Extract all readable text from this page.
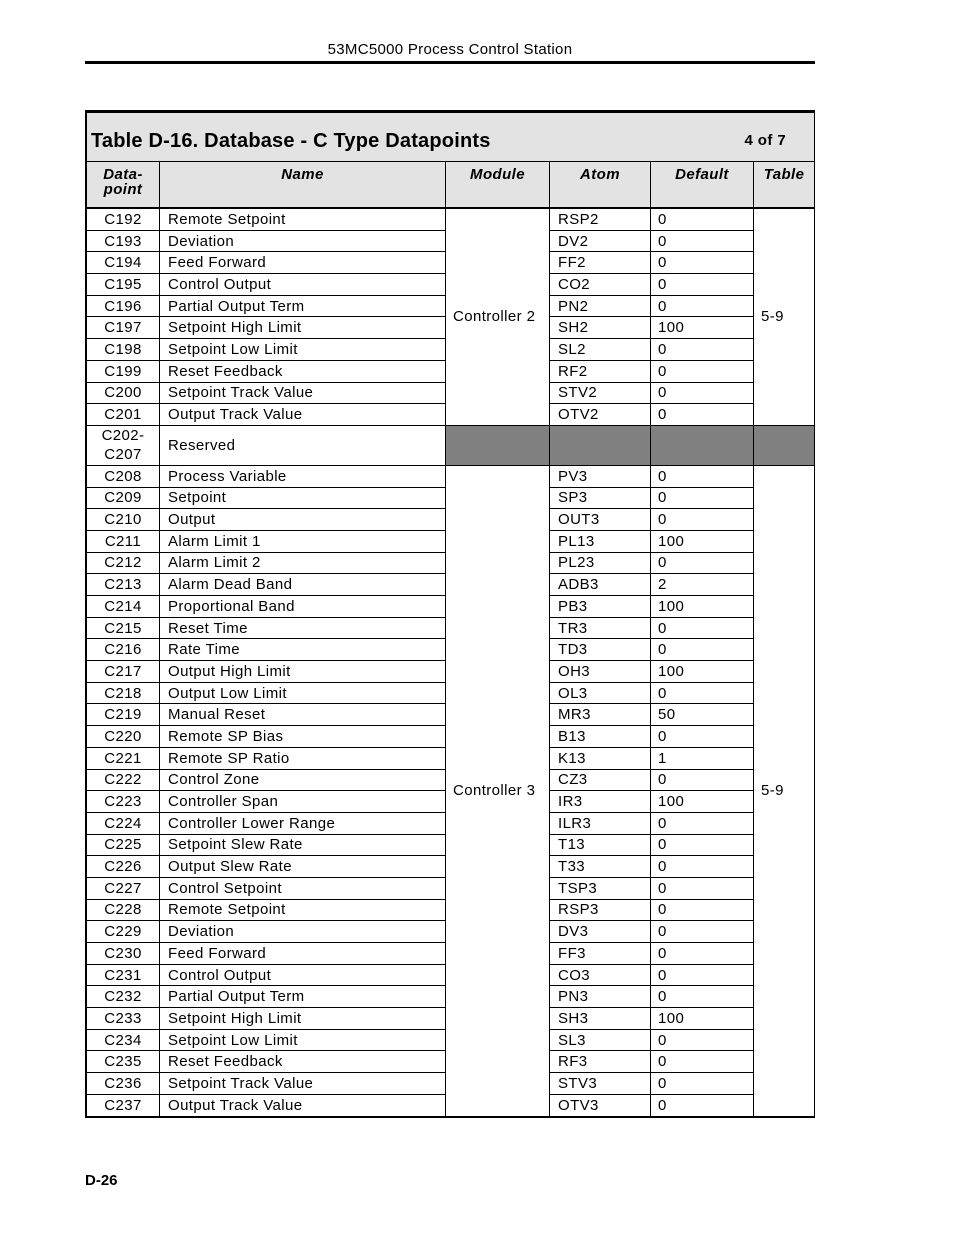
53MC5000 Process Control Station
Table D-16. Database - C Type Datapoints 4 of 7					

Data-
point	Name	Module	Atom	Default	Table
C192	Remote Setpoint	Controller 2	RSP2	0	5-9
C193	Deviation		DV2	0	
C194	Feed Forward		FF2	0	
C195	Control Output		CO2	0	
C196	Partial Output Term		PN2	0	
C197	Setpoint High Limit		SH2	100	
C198	Setpoint Low Limit		SL2	0	
C199	Reset Feedback		RF2	0	
C200	Setpoint Track Value		STV2	0	
C201	Output Track Value		OTV2	0	
C202-
C207	Reserved				
C208	Process Variable	Controller 3	PV3	0	5-9
C209	Setpoint		SP3	0	
C210	Output		OUT3	0	
C211	Alarm Limit 1		PL13	100	
C212	Alarm Limit 2		PL23	0	
C213	Alarm Dead Band		ADB3	2	
C214	Proportional Band		PB3	100	
C215	Reset Time		TR3	0	
C216	Rate Time		TD3	0	
C217	Output High Limit		OH3	100	
C218	Output Low Limit		OL3	0	
C219	Manual Reset		MR3	50	
C220	Remote SP Bias		B13	0	
C221	Remote SP Ratio		K13	1	
C222	Control Zone		CZ3	0	
C223	Controller Span		IR3	100	
C224	Controller Lower Range		ILR3	0	
C225	Setpoint Slew Rate		T13	0	
C226	Output Slew Rate		T33	0	
C227	Control Setpoint		TSP3	0	
C228	Remote Setpoint		RSP3	0	
C229	Deviation		DV3	0	
C230	Feed Forward		FF3	0	
C231	Control Output		CO3	0	
C232	Partial Output Term		PN3	0	
C233	Setpoint High Limit		SH3	100	
C234	Setpoint Low Limit		SL3	0	
C235	Reset Feedback		RF3	0	
C236	Setpoint Track Value		STV3	0	
C237	Output Track Value		OTV3	0	
D-26
